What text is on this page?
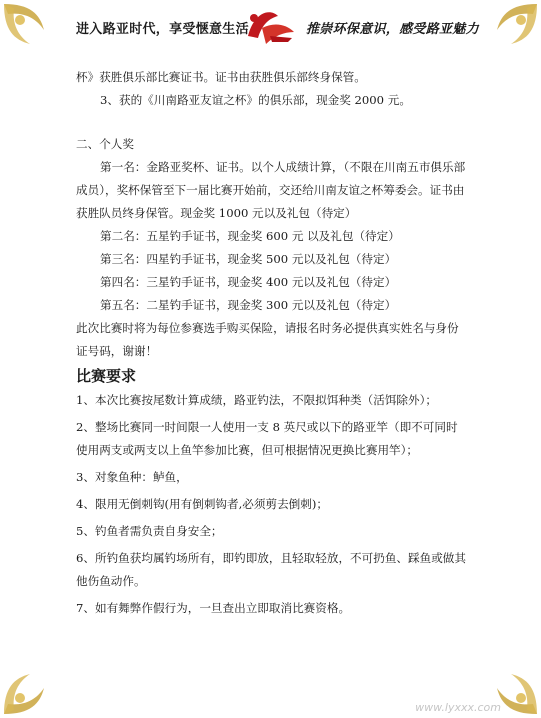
进入路亚时代，享受惬意生活	推崇环保意识，感受路亚魅力

杯》获胜俱乐部比赛证书。证书由获胜俱乐部终身保管。

3、获的《川南路亚友谊之杯》的俱乐部，现金奖 2000 元。

二、个人奖

第一名：金路亚奖杯、证书。以个人成绩计算，（不限在川南五市俱乐部成员），奖杯保管至下一届比赛开始前，交还给川南友谊之杯筹委会。证书由获胜队员终身保管。现金奖 1000 元以及礼包（待定）

第二名：五星钓手证书，现金奖 600 元 以及礼包（待定）

第三名：四星钓手证书，现金奖 500 元以及礼包（待定）

第四名：三星钓手证书，现金奖 400 元以及礼包（待定）

第五名：二星钓手证书，现金奖 300 元以及礼包（待定）

此次比赛时将为每位参赛选手购买保险，请报名时务必提供真实姓名与身份证号码，谢谢！

比赛要求

1、本次比赛按尾数计算成绩，路亚钓法，不限拟饵种类（活饵除外）；

2、整场比赛同一时间限一人使用一支 8 英尺或以下的路亚竿（即不可同时使用两支或两支以上鱼竿参加比赛，但可根据情况更换比赛用竿）；

3、对象鱼种：鲈鱼，

4、限用无倒刺钩(用有倒刺钩者,必须剪去倒刺)；

5、钓鱼者需负责自身安全；

6、所钓鱼获均属钓场所有，即钓即放，且轻取轻放，不可扔鱼、踩鱼或做其他伤鱼动作。

7、如有舞弊作假行为，一旦查出立即取消比赛资格。

www.lyxxx.com
